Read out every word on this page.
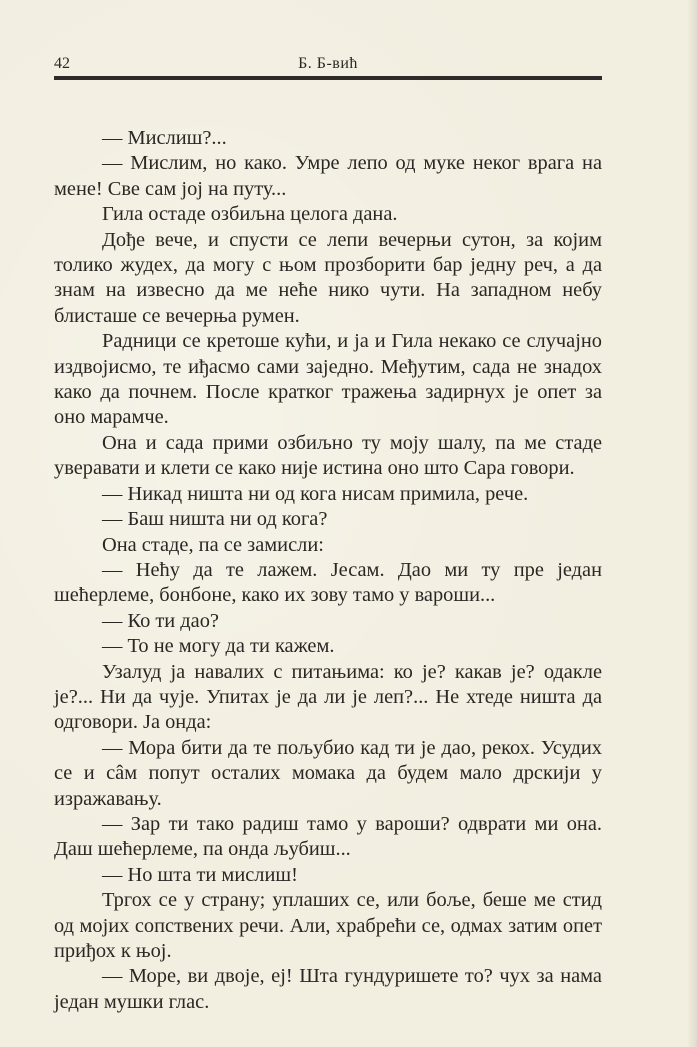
42	Б. Б-вић

— Мислиш?...

— Мислим, но како. Умре лепо од муке неког врага на мене! Све сам јој на путу...

Гила остаде озбиљна целога дана.

Дође вече, и спусти се лепи вечерњи сутон, за којим толико жудех, да могу с њом прозборити бар једну реч, а да знам на извесно да ме неће нико чути. На западном небу блисташе се вечерња румен.

Радници се кретоше кући, и ја и Гила некако се случајно издвојисмо, те иђасмо сами заједно. Међутим, сада не знадох како да почнем. После кратког тражења задирнух је опет за оно марамче.

Она и сада прими озбиљно ту моју шалу, па ме стаде уверавати и клети се како није истина оно што Сара говори.

— Никад ништа ни од кога нисам примила, рече.

— Баш ништа ни од кога?

Она стаде, па се замисли:

— Нећу да те лажем. Јесам. Дао ми ту пре један шећерлеме, бонбоне, како их зову тамо у вароши...

— Ко ти дао?

— То не могу да ти кажем.

Узалуд ја навалих с питањима: ко је? какав је? одакле је?... Ни да чује. Упитах је да ли је леп?... Не хтеде ништа да одговори. Ја онда:

— Мора бити да те пољубио кад ти је дао, рекох. Усудих се и сâм попут осталих момака да будем мало дрскији у изражавању.

— Зар ти тако радиш тамо у вароши? одврати ми она. Даш шећерлеме, па онда љубиш...

— Но шта ти мислиш!

Тргох се у страну; уплаших се, или боље, беше ме стид од мојих сопствених речи. Али, храбрећи се, одмах затим опет приђох к њој.

— Море, ви двоје, еј! Шта гундуришете то? чух за нама један мушки глас.
